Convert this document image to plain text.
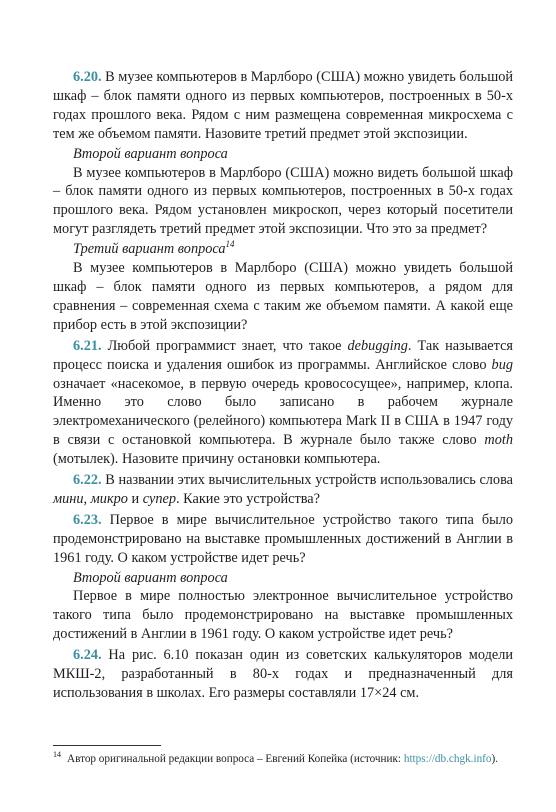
6.20. В музее компьютеров в Марлборо (США) можно увидеть большой шкаф – блок памяти одного из первых компьютеров, построенных в 50-х годах прошлого века. Рядом с ним размещена современная микросхема с тем же объемом памяти. Назовите третий предмет этой экспозиции.

Второй вариант вопроса

В музее компьютеров в Марлборо (США) можно видеть большой шкаф – блок памяти одного из первых компьютеров, построенных в 50-х годах прошлого века. Рядом установлен микроскоп, через который посетители могут разглядеть третий предмет этой экспозиции. Что это за предмет?

Третий вариант вопроса$^{14}$

В музее компьютеров в Марлборо (США) можно увидеть большой шкаф – блок памяти одного из первых компьютеров, а рядом для сравнения – современная схема с таким же объемом памяти. А какой еще прибор есть в этой экспозиции?

6.21. Любой программист знает, что такое debugging. Так называется процесс поиска и удаления ошибок из программы. Английское слово bug означает «насекомое, в первую очередь кровососущее», например, клопа. Именно это слово было записано в рабочем журнале электромеханического (релейного) компьютера Mark II в США в 1947 году в связи с остановкой компьютера. В журнале было также слово moth (мотылек). Назовите причину остановки компьютера.

6.22. В названии этих вычислительных устройств использовались слова мини, микро и супер. Какие это устройства?

6.23. Первое в мире вычислительное устройство такого типа было продемонстрировано на выставке промышленных достижений в Англии в 1961 году. О каком устройстве идет речь?

Второй вариант вопроса

Первое в мире полностью электронное вычислительное устройство такого типа было продемонстрировано на выставке промышленных достижений в Англии в 1961 году. О каком устройстве идет речь?

6.24. На рис. 6.10 показан один из советских калькуляторов модели МКШ-2, разработанный в 80-х годах и предназначенный для использования в школах. Его размеры составляли 17×24 см.

$^{14}$ Автор оригинальной редакции вопроса – Евгений Копейка (источник: https://db.chgk.info).
